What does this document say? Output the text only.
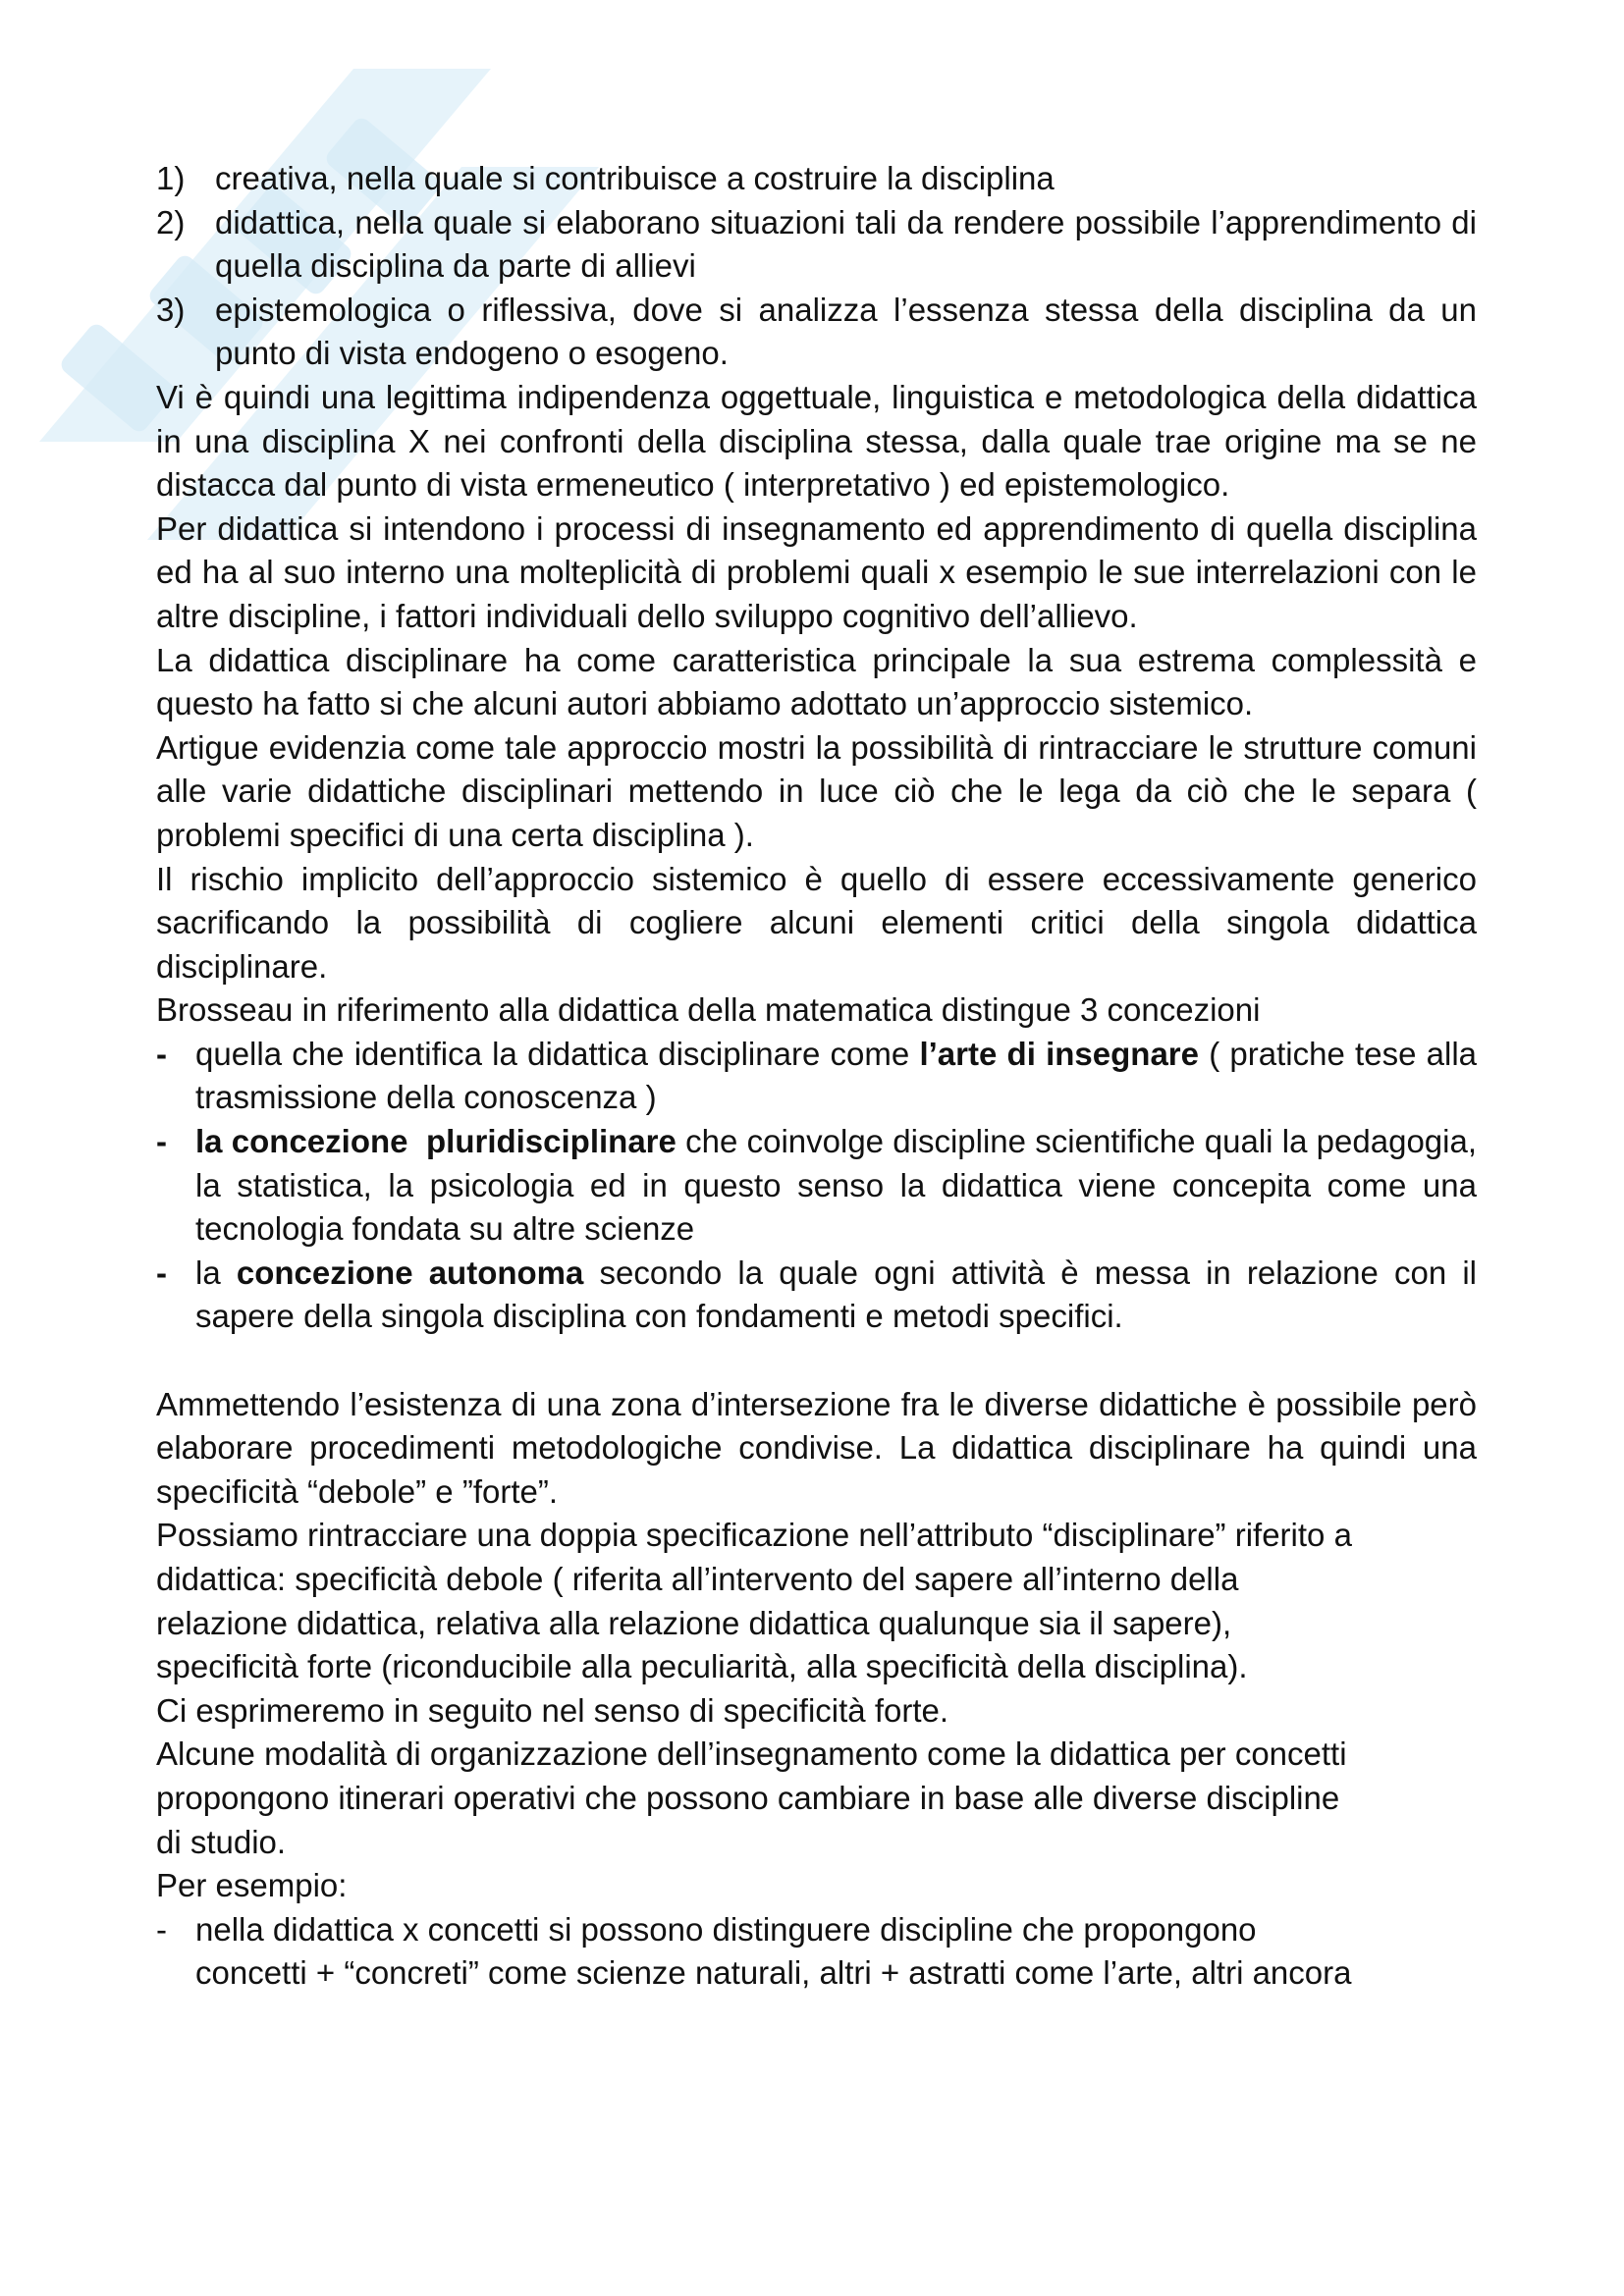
1) creativa, nella quale si contribuisce a costruire la disciplina
2) didattica, nella quale si elaborano situazioni tali da rendere possibile l’apprendimento di quella disciplina da parte di allievi
3) epistemologica o riflessiva, dove si analizza l’essenza stessa della disciplina da un punto di vista endogeno o esogeno.

Vi è quindi una legittima indipendenza oggettuale, linguistica e metodologica della didattica in una disciplina X nei confronti della disciplina stessa, dalla quale trae origine ma se ne distacca dal punto di vista ermeneutico ( interpretativo ) ed epistemologico.

Per didattica si intendono i processi di insegnamento ed apprendimento di quella disciplina ed ha al suo interno una molteplicità di problemi quali x esempio le sue interrelazioni con le altre discipline, i fattori individuali dello sviluppo cognitivo dell’allievo.

La didattica disciplinare ha come caratteristica principale la sua estrema complessità e questo ha fatto si che alcuni autori abbiamo adottato un’approccio sistemico.

Artigue evidenzia come tale approccio mostri la possibilità di rintracciare le strutture comuni alle varie didattiche disciplinari mettendo in luce ciò che le lega da ciò che le separa ( problemi specifici di una certa disciplina ).

Il rischio implicito dell’approccio sistemico è quello di essere eccessivamente generico sacrificando la possibilità di cogliere alcuni elementi critici della singola didattica disciplinare.

Brosseau in riferimento alla didattica della matematica distingue 3 concezioni

- quella che identifica la didattica disciplinare come l’arte di insegnare ( pratiche tese alla trasmissione della conoscenza )
- la concezione  pluridisciplinare che coinvolge discipline scientifiche quali la pedagogia, la statistica, la psicologia ed in questo senso la didattica viene concepita come una tecnologia fondata su altre scienze
- la concezione autonoma secondo la quale ogni attività è messa in relazione con il sapere della singola disciplina con fondamenti e metodi specifici.

Ammettendo l’esistenza di una zona d’intersezione fra le diverse didattiche è possibile però elaborare procedimenti metodologiche condivise. La didattica disciplinare ha quindi una specificità “debole” e ”forte”.

Possiamo rintracciare una doppia specificazione nell’attributo “disciplinare” riferito a

didattica: specificità debole ( riferita all’intervento del sapere all’interno della

relazione didattica, relativa alla relazione didattica qualunque sia il sapere),

specificità forte (riconducibile alla peculiarità, alla specificità della disciplina).

Ci esprimeremo in seguito nel senso di specificità forte.

Alcune modalità di organizzazione dell’insegnamento come la didattica per concetti

propongono itinerari operativi che possono cambiare in base alle diverse discipline

di studio.

Per esempio:

- nella didattica x concetti si possono distinguere discipline che propongono
concetti + “concreti” come scienze naturali, altri + astratti come l’arte, altri ancora
